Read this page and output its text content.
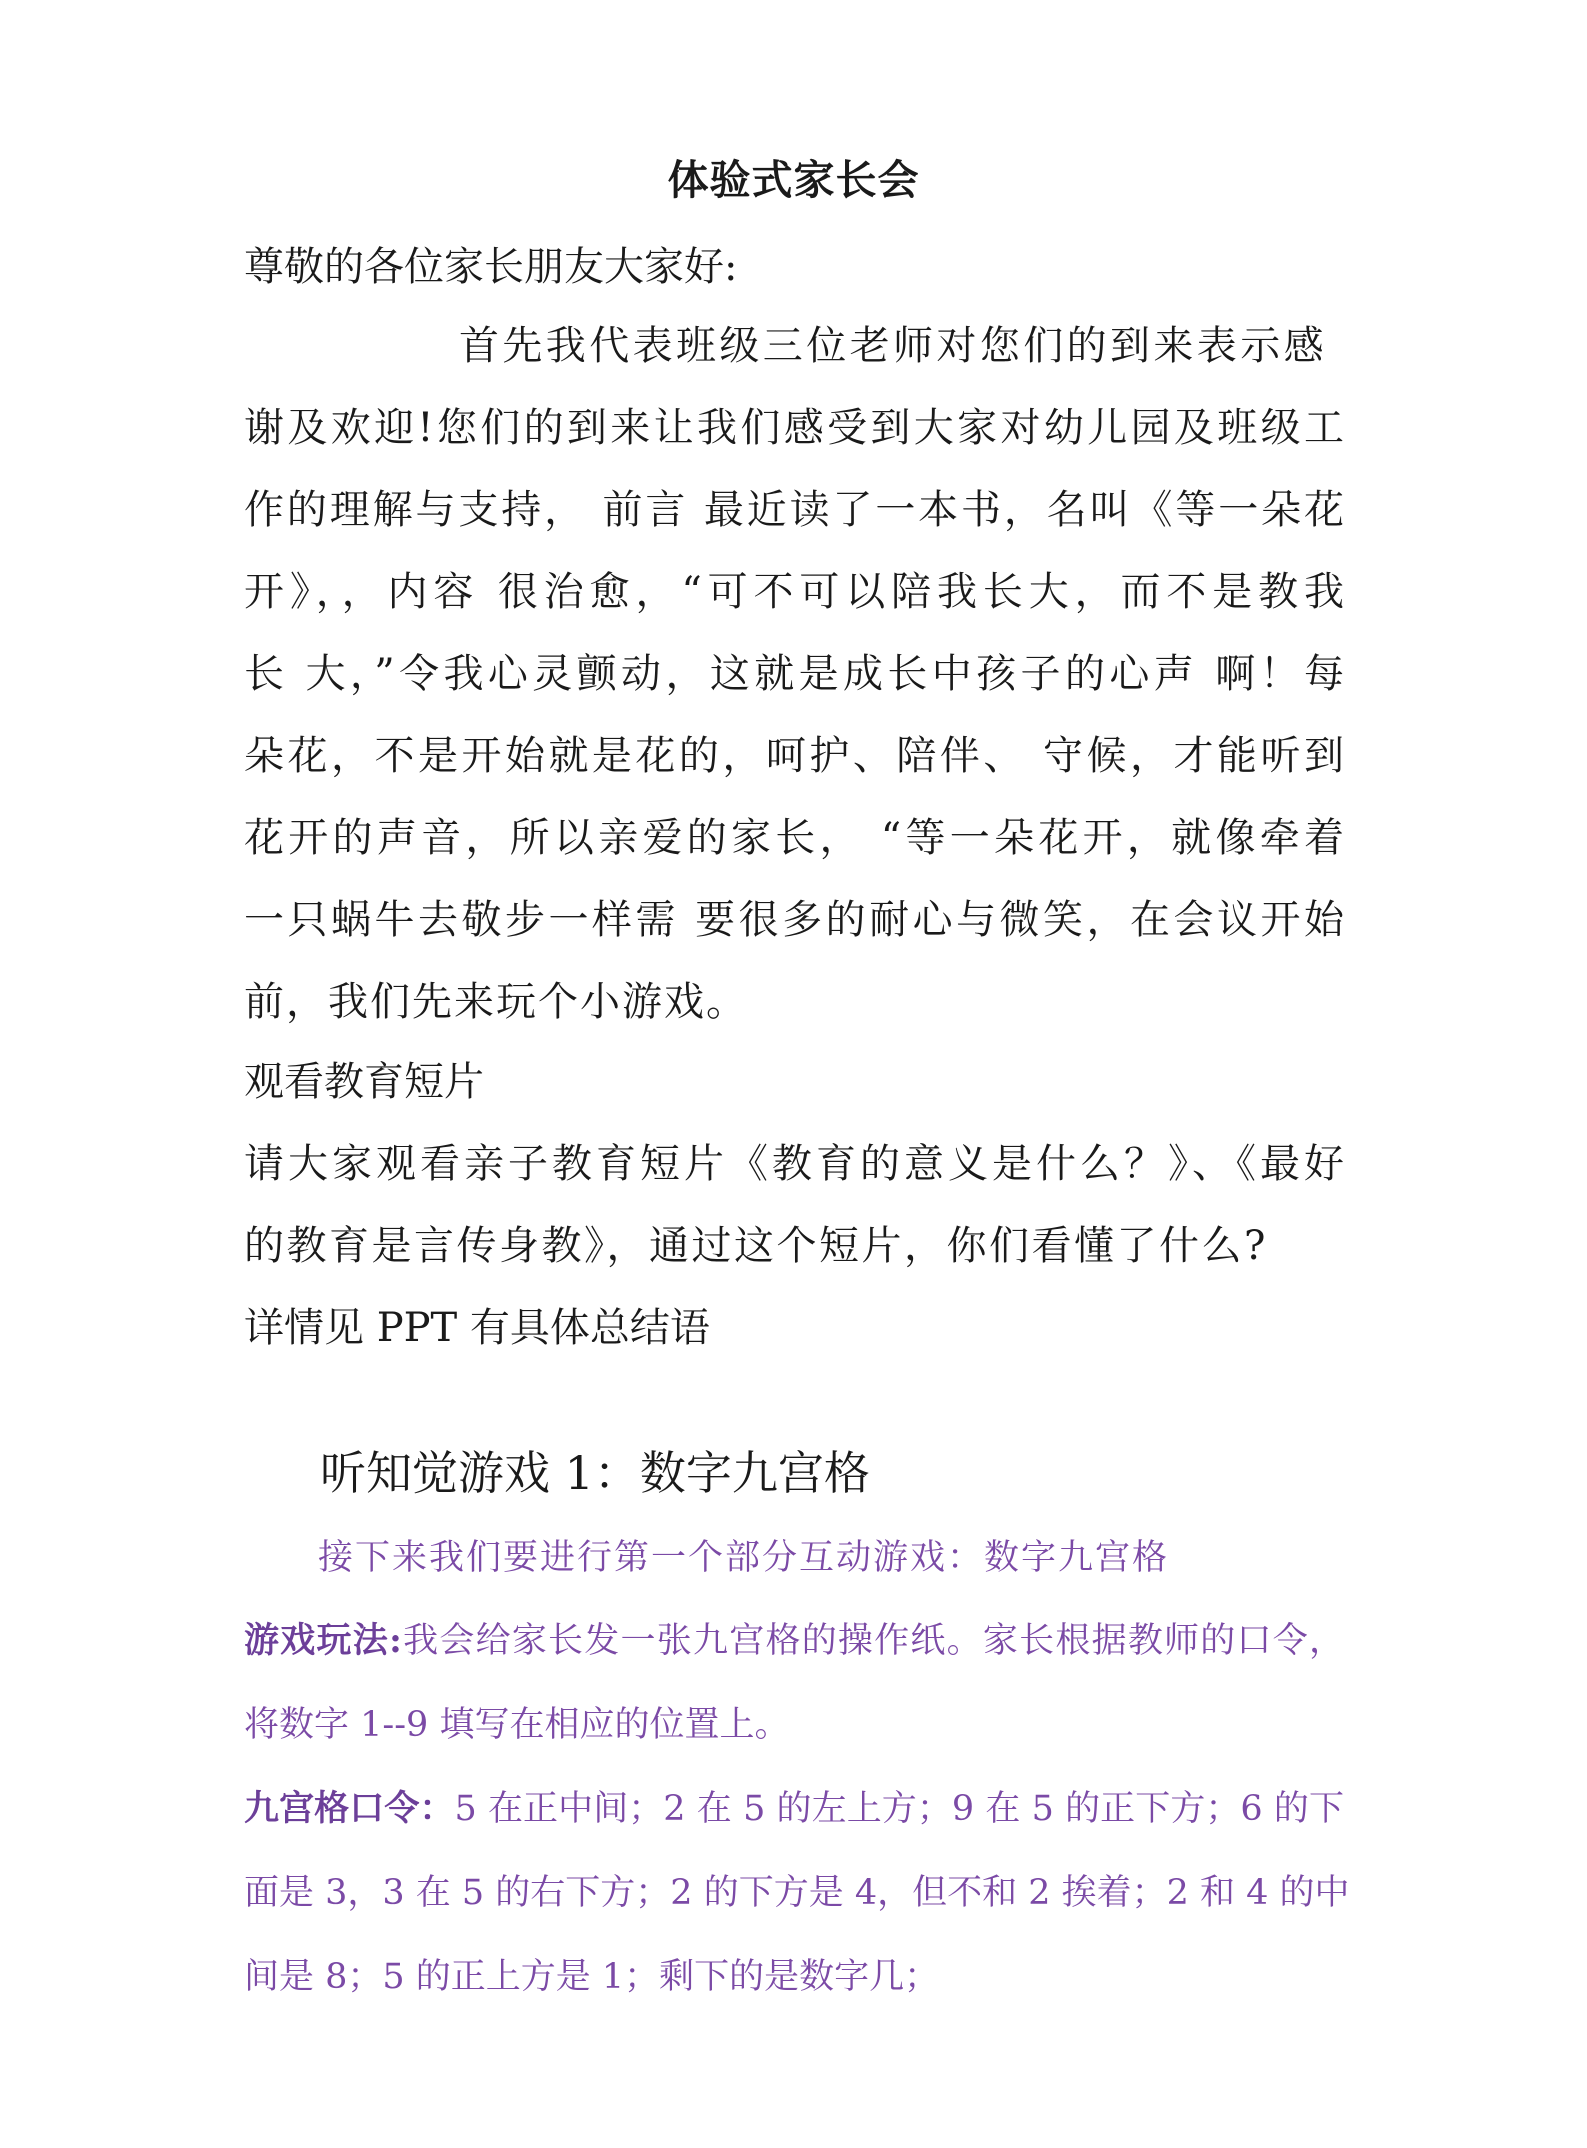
体验式家长会

尊敬的各位家长朋友大家好:

首先我代表班级三位老师对您们的到来表示感

谢及欢迎!您们的到来让我们感受到大家对幼儿园及班级工

作的理解与支持， 前言 最近读了一本书，名叫《等一朵花

开》，，内容 很治愈，“可不可以陪我长大，而不是教我

长 大，”令我心灵颤动，这就是成长中孩子的心声 啊！每

朵花，不是开始就是花的，呵护、陪伴、 守候，才能听到

花开的声音，所以亲爱的家长， “等一朵花开，就像牵着

一只蜗牛去敬步一样需 要很多的耐心与微笑，在会议开始

前，我们先来玩个小游戏。

观看教育短片

请大家观看亲子教育短片《教育的意义是什么？》、《最好

的教育是言传身教》，通过这个短片，你们看懂了什么?

详情见 PPT 有具体总结语

听知觉游戏 1：数字九宫格

接下来我们要进行第一个部分互动游戏：数字九宫格

游戏玩法:我会给家长发一张九宫格的操作纸。家长根据教师的口令，

将数字 1--9 填写在相应的位置上。

九宫格口令：5 在正中间；2 在 5 的左上方；9 在 5 的正下方；6 的下

面是 3，3 在 5 的右下方；2 的下方是 4，但不和 2 挨着；2 和 4 的中

间是 8；5 的正上方是 1；剩下的是数字几；
